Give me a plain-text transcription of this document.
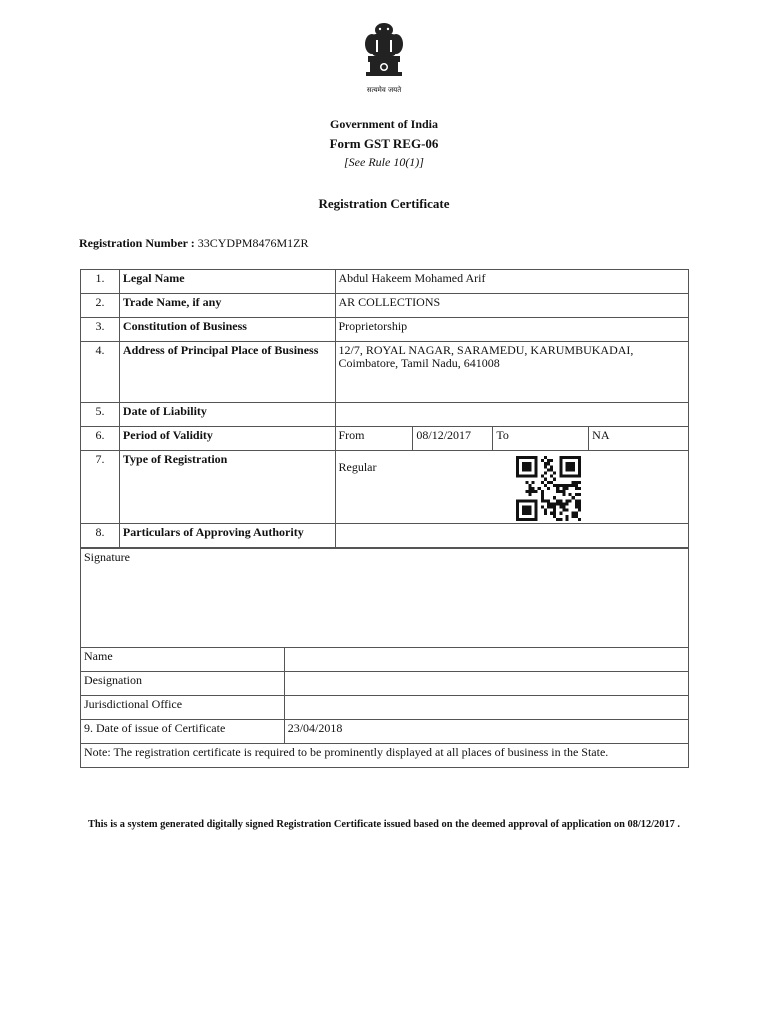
सत्यमेव जयते
Government of India
Form GST REG-06
[See Rule 10(1)]
Registration Certificate
Registration Number : 33CYDPM8476M1ZR
1.	Legal Name	Abdul Hakeem Mohamed Arif			
2.	Trade Name, if any	AR COLLECTIONS			
3.	Constitution of Business	Proprietorship			
4.	Address of Principal Place of Business	12/7, ROYAL NAGAR, SARAMEDU, KARUMBUKADAI, Coimbatore, Tamil Nadu, 641008			
5.	Date of Liability				
6.	Period of Validity	From	08/12/2017	To	NA
7.	Type of Registration	Regular			

8.	Particulars of Approving Authority				
Signature	
Name	
Designation	
Jurisdictional Office	
9. Date of issue of Certificate	23/04/2018
Note: The registration certificate is required to be prominently displayed at all places of business in the State.	
This is a system generated digitally signed Registration Certificate issued based on the deemed approval of application on 08/12/2017 .
